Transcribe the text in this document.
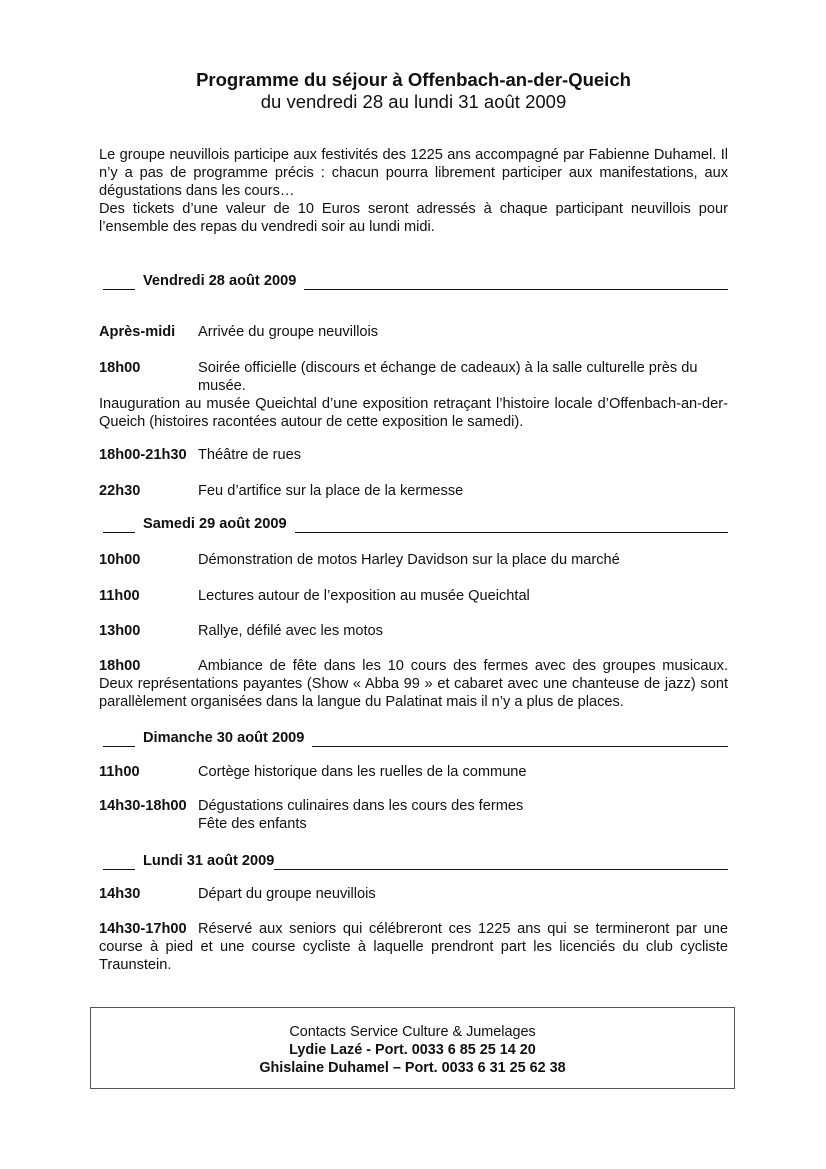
Programme du séjour à Offenbach-an-der-Queich
du vendredi 28 au lundi 31 août 2009

Le groupe neuvillois participe aux festivités des 1225 ans accompagné par Fabienne Duhamel. Il n’y a pas de programme précis : chacun pourra librement participer aux manifestations, aux dégustations dans les cours…

Des tickets d’une valeur de 10 Euros seront adressés à chaque participant neuvillois pour l’ensemble des repas du vendredi soir au lundi midi.

Vendredi 28 août 2009
Après-midi Arrivée du groupe neuvillois
18h00	Soirée officielle (discours et échange de cadeaux) à la salle culturelle près du musée.

Inauguration au musée Queichtal d’une exposition retraçant l’histoire locale d’Offenbach-an-der-Queich (histoires racontées autour de cette exposition le samedi).

18h00-21h30 Théâtre de rues
22h30	Feu d’artifice sur la place de la kermesse
Samedi 29 août 2009
10h00	Démonstration de motos Harley Davidson sur la place du marché
11h00	Lectures autour de l’exposition au musée Queichtal
13h00	Rallye, défilé avec les motos
18h00	Ambiance de fête dans les 10 cours des fermes avec des groupes musicaux. Deux représentations payantes (Show « Abba 99 » et cabaret avec une chanteuse de jazz) sont parallèlement organisées dans la langue du Palatinat mais il n’y a plus de places.
Dimanche 30 août 2009
11h00	Cortège historique dans les ruelles de la commune
14h30-18h00 Dégustations culinaires dans les cours des fermes

Fête des enfants

Lundi 31 août 2009
14h30	Départ du groupe neuvillois
14h30-17h00 Réservé aux seniors qui célébreront ces 1225 ans qui se termineront par une course à pied et une course cycliste à laquelle prendront part les licenciés du club cycliste Traunstein.
Contacts Service Culture & Jumelages
Lydie Lazé - Port. 0033 6 85 25 14 20
Ghislaine Duhamel – Port. 0033 6 31 25 62 38
